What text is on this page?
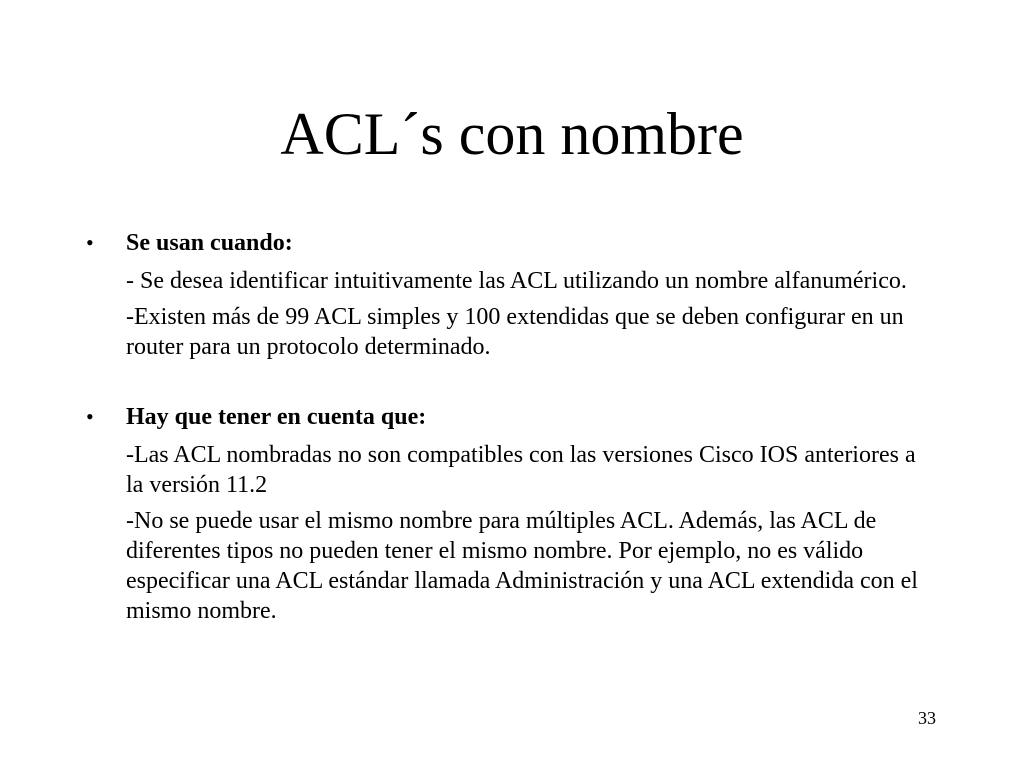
ACL´s con nombre
• Se usan cuando:
- Se desea identificar intuitivamente las ACL utilizando un nombre alfanumérico.
-Existen más de 99 ACL simples y 100 extendidas que se deben configurar en un router para un protocolo determinado.
• Hay que tener en cuenta que:
-Las ACL nombradas no son compatibles con las versiones Cisco IOS anteriores a la versión 11.2
-No se puede usar el mismo nombre para múltiples ACL. Además, las ACL de diferentes tipos no pueden tener el mismo nombre. Por ejemplo, no es válido especificar una ACL estándar llamada Administración y una ACL extendida con el mismo nombre.
33
